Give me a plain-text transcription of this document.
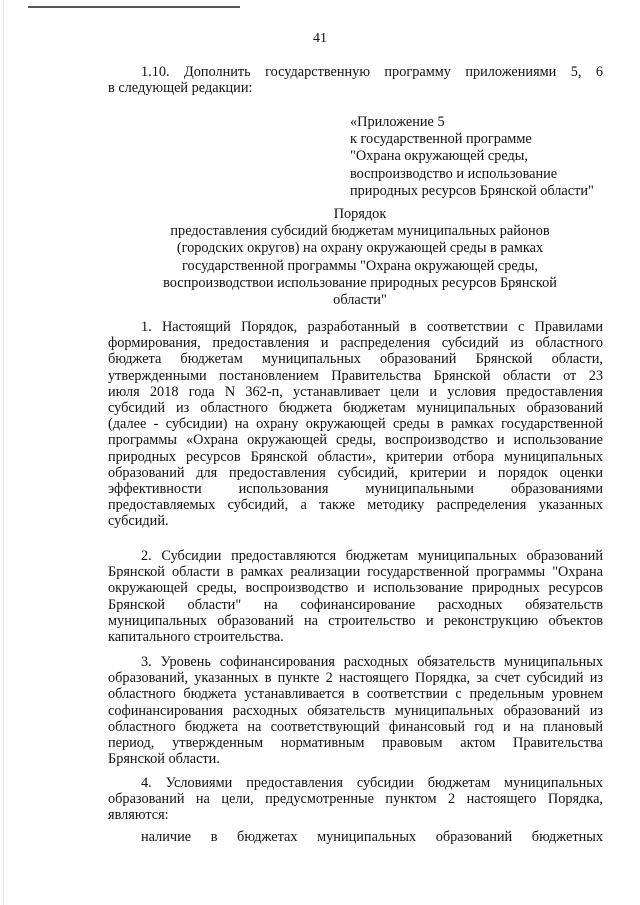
41

1.10. Дополнить государственную программу приложениями 5, 6

в следующей редакции:

«Приложение 5

к государственной программе

"Охрана окружающей среды,

воспроизводство и использование

природных ресурсов Брянской области"

Порядок

предоставления субсидий бюджетам муниципальных районов

(городских округов) на охрану окружающей среды в рамках

государственной программы "Охрана окружающей среды,

воспроизводствои использование природных ресурсов Брянской

области"

1. Настоящий Порядок, разработанный в соответствии с Правилами

формирования, предоставления и распределения субсидий из областного

бюджета бюджетам муниципальных образований Брянской области,

утвержденными постановлением Правительства Брянской области от 23

июля 2018 года N 362-п, устанавливает цели и условия предоставления

субсидий из областного бюджета бюджетам муниципальных образований

(далее - субсидии) на охрану окружающей среды в рамках государственной

программы «Охрана окружающей среды, воспроизводство и использование

природных ресурсов Брянской области», критерии отбора муниципальных

образований для предоставления субсидий, критерии и порядок оценки

эффективности использования муниципальными образованиями

предоставляемых субсидий, а также методику распределения указанных

субсидий.

2. Субсидии предоставляются бюджетам муниципальных образований

Брянской области в рамках реализации государственной программы "Охрана

окружающей среды, воспроизводство и использование природных ресурсов

Брянской области" на софинансирование расходных обязательств

муниципальных образований на строительство и реконструкцию объектов

капитального строительства.

3. Уровень софинансирования расходных обязательств муниципальных

образований, указанных в пункте 2 настоящего Порядка, за счет субсидий из

областного бюджета устанавливается в соответствии с предельным уровнем

софинансирования расходных обязательств муниципальных образований из

областного бюджета на соответствующий финансовый год и на плановый

период, утвержденным нормативным правовым актом Правительства

Брянской области.

4. Условиями предоставления субсидии бюджетам муниципальных

образований на цели, предусмотренные пунктом 2 настоящего Порядка,

являются:

наличие в бюджетах муниципальных образований бюджетных
